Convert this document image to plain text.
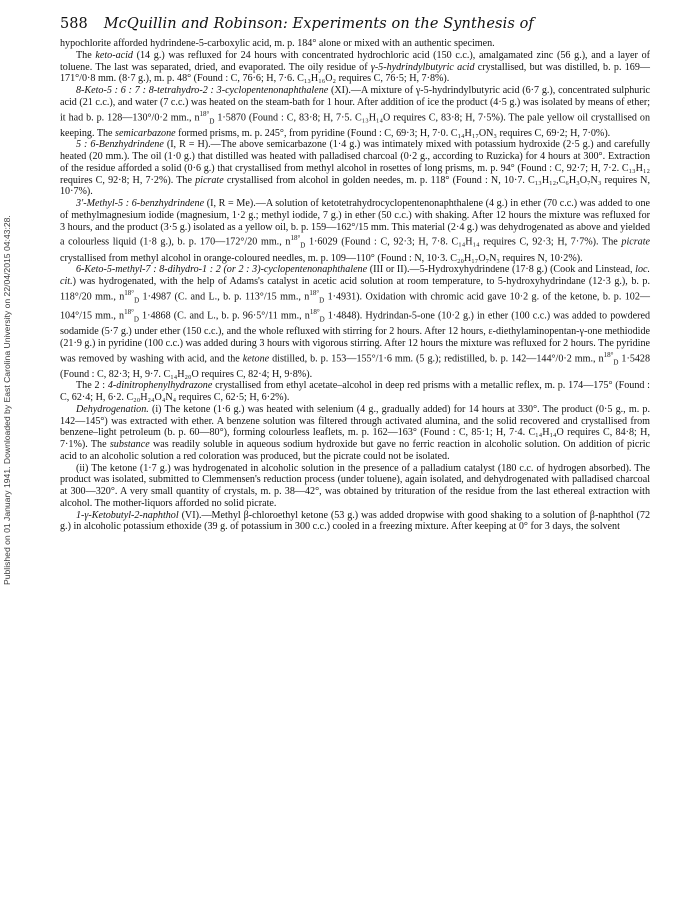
Published on 01 January 1941. Downloaded by East Carolina University on 22/04/2015 04:43:28.
588 McQuillin and Robinson: Experiments on the Synthesis of

hypochlorite afforded hydrindene-5-carboxylic acid, m. p. 184° alone or mixed with an authentic specimen.

The keto-acid (14 g.) was refluxed for 24 hours with concentrated hydrochloric acid (150 c.c.), amalgamated zinc (56 g.), and a layer of toluene. The last was separated, dried, and evaporated. The oily residue of γ-5-hydrindylbutyric acid crystallised, but was distilled, b. p. 169—171°/0·8 mm. (8·7 g.), m. p. 48° (Found : C, 76·6; H, 7·6. C₁₃H₁₆O₂ requires C, 76·5; H, 7·8%).

8-Keto-5 : 6 : 7 : 8-tetrahydro-2 : 3-cyclopentenonaphthalene (XI).—A mixture of γ-5-hydrindylbutyric acid (6·7 g.), concentrated sulphuric acid (21 c.c.), and water (7 c.c.) was heated on the steam-bath for 1 hour. After addition of ice the product (4·5 g.) was isolated by means of ether; it had b. p. 128—130°/0·2 mm., $n^{18^\circ}_D$ 1·5870 (Found : C, 83·8; H, 7·5. C₁₃H₁₄O requires C, 83·8; H, 7·5%). The pale yellow oil crystallised on keeping. The semicarbazone formed prisms, m. p. 245°, from pyridine (Found : C, 69·3; H, 7·0. C₁₄H₁₇ON₃ requires C, 69·2; H, 7·0%).

5 : 6-Benzhydrindene (I, R = H).—The above semicarbazone (1·4 g.) was intimately mixed with potassium hydroxide (2·5 g.) and carefully heated (20 mm.). The oil (1·0 g.) that distilled was heated with palladised charcoal (0·2 g., according to Ruzicka) for 4 hours at 300°. Extraction of the residue afforded a solid (0·6 g.) that crystallised from methyl alcohol in rosettes of long prisms, m. p. 94° (Found : C, 92·7; H, 7·2. C₁₃H₁₂ requires C, 92·8; H, 7·2%). The picrate crystallised from alcohol in golden needes, m. p. 118° (Found : N, 10·7. C₁₃H₁₂,C₆H₃O₇N₃ requires N, 10·7%).

3′-Methyl-5 : 6-benzhydrindene (I, R = Me).—A solution of ketotetrahydrocyclopentenonaphthalene (4 g.) in ether (70 c.c.) was added to one of methylmagnesium iodide (magnesium, 1·2 g.; methyl iodide, 7 g.) in ether (50 c.c.) with shaking. After 12 hours the mixture was refluxed for 3 hours, and the product (3·5 g.) isolated as a yellow oil, b. p. 159—162°/15 mm. This material (2·4 g.) was dehydrogenated as above and yielded a colourless liquid (1·8 g.), b. p. 170—172°/20 mm., $n^{18^\circ}_D$ 1·6029 (Found : C, 92·3; H, 7·8. C₁₄H₁₄ requires C, 92·3; H, 7·7%). The picrate crystallised from methyl alcohol in orange-coloured needles, m. p. 109—110° (Found : N, 10·3. C₂₀H₁₇O₇N₃ requires N, 10·2%).

6-Keto-5-methyl-7 : 8-dihydro-1 : 2 (or 2 : 3)-cyclopentenonaphthalene (III or II).—5-Hydroxyhydrindene (17·8 g.) (Cook and Linstead, loc. cit.) was hydrogenated, with the help of Adams's catalyst in acetic acid solution at room temperature, to 5-hydroxyhydrindane (12·3 g.), b. p. 118°/20 mm., $n^{18^\circ}_D$ 1·4987 (C. and L., b. p. 113°/15 mm., $n^{18^\circ}_D$ 1·4931). Oxidation with chromic acid gave 10·2 g. of the ketone, b. p. 102—104°/15 mm., $n^{18^\circ}_D$ 1·4868 (C. and L., b. p. 96·5°/11 mm., $n^{18^\circ}_D$ 1·4848). Hydrindan-5-one (10·2 g.) in ether (100 c.c.) was added to powdered sodamide (5·7 g.) under ether (150 c.c.), and the whole refluxed with stirring for 2 hours. After 12 hours, ε-diethylaminopentan-γ-one methiodide (21·9 g.) in pyridine (100 c.c.) was added during 3 hours with vigorous stirring. After 12 hours the mixture was refluxed for 2 hours. The pyridine was removed by washing with acid, and the ketone distilled, b. p. 153—155°/1·6 mm. (5 g.); redistilled, b. p. 142—144°/0·2 mm., $n^{18^\circ}_D$ 1·5428 (Found : C, 82·3; H, 9·7. C₁₄H₂₀O requires C, 82·4; H, 9·8%).

The 2 : 4-dinitrophenylhydrazone crystallised from ethyl acetate–alcohol in deep red prisms with a metallic reflex, m. p. 174—175° (Found : C, 62·4; H, 6·2. C₂₀H₂₄O₄N₄ requires C, 62·5; H, 6·2%).

Dehydrogenation. (i) The ketone (1·6 g.) was heated with selenium (4 g., gradually added) for 14 hours at 330°. The product (0·5 g., m. p. 142—145°) was extracted with ether. A benzene solution was filtered through activated alumina, and the solid recovered and crystallised from benzene–light petroleum (b. p. 60—80°), forming colourless leaflets, m. p. 162—163° (Found : C, 85·1; H, 7·4. C₁₄H₁₄O requires C, 84·8; H, 7·1%). The substance was readily soluble in aqueous sodium hydroxide but gave no ferric reaction in alcoholic solution. On addition of picric acid to an alcoholic solution a red coloration was produced, but the picrate could not be isolated.

(ii) The ketone (1·7 g.) was hydrogenated in alcoholic solution in the presence of a palladium catalyst (180 c.c. of hydrogen absorbed). The product was isolated, submitted to Clemmensen's reduction process (under toluene), again isolated, and dehydrogenated with palladised charcoal at 300—320°. A very small quantity of crystals, m. p. 38—42°, was obtained by trituration of the residue from the last ethereal extraction with alcohol. The mother-liquors afforded no solid picrate.

1-γ-Ketobutyl-2-naphthol (VI).—Methyl β-chloroethyl ketone (53 g.) was added dropwise with good shaking to a solution of β-naphthol (72 g.) in alcoholic potassium ethoxide (39 g. of potassium in 300 c.c.) cooled in a freezing mixture. After keeping at 0° for 3 days, the solvent
